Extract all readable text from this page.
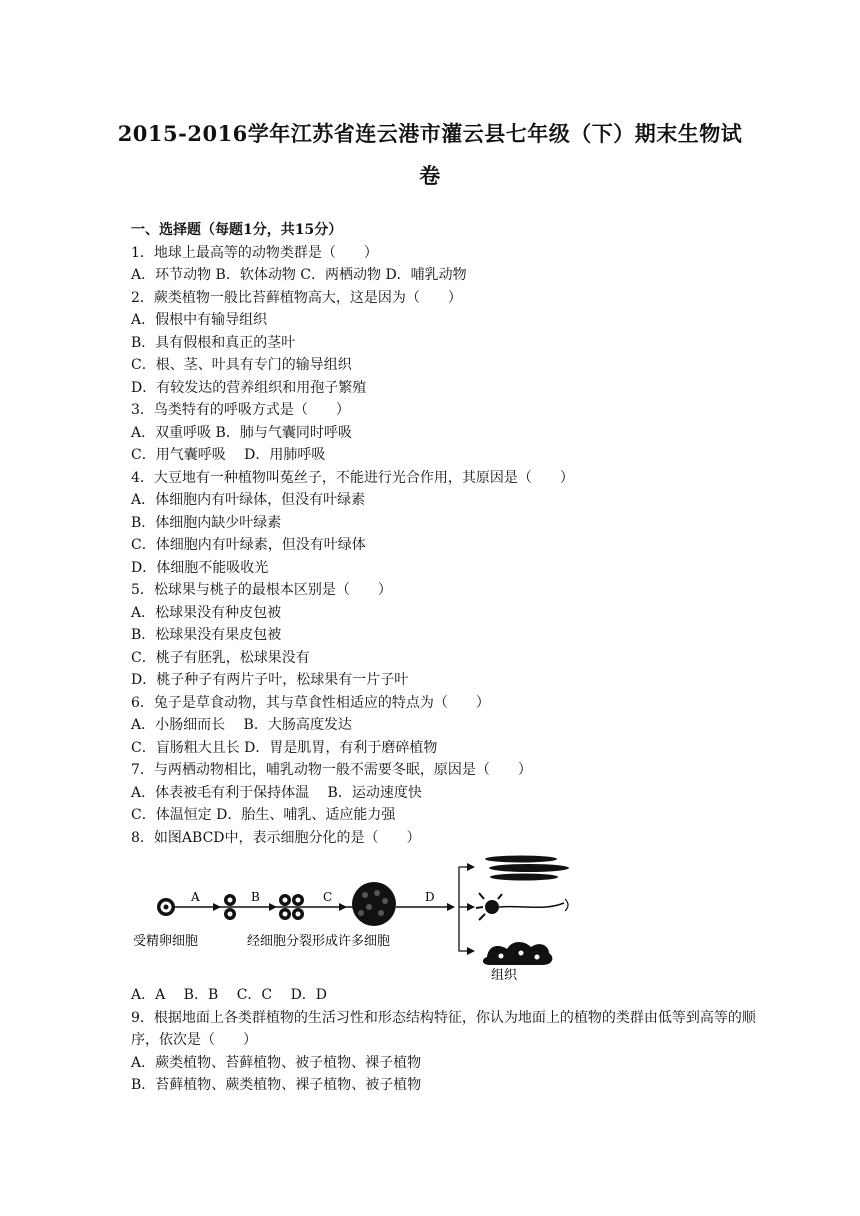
2015-2016学年江苏省连云港市灌云县七年级（下）期末生物试
卷
一、选择题（每题1分，共15分）
1．地球上最高等的动物类群是（　　）
A．环节动物 B．软体动物 C．两栖动物 D．哺乳动物
2．蕨类植物一般比苔藓植物高大，这是因为（　　）
A．假根中有输导组织
B．具有假根和真正的茎叶
C．根、茎、叶具有专门的输导组织
D．有较发达的营养组织和用孢子繁殖
3．鸟类特有的呼吸方式是（　　）
A．双重呼吸 B．肺与气囊同时呼吸
C．用气囊呼吸　 D．用肺呼吸
4．大豆地有一种植物叫菟丝子，不能进行光合作用，其原因是（　　）
A．体细胞内有叶绿体，但没有叶绿素
B．体细胞内缺少叶绿素
C．体细胞内有叶绿素，但没有叶绿体
D．体细胞不能吸收光
5．松球果与桃子的最根本区别是（　　）
A．松球果没有种皮包被
B．松球果没有果皮包被
C．桃子有胚乳，松球果没有
D．桃子种子有两片子叶，松球果有一片子叶
6．兔子是草食动物，其与草食性相适应的特点为（　　）
A．小肠细而长　 B．大肠高度发达
C．盲肠粗大且长 D．胃是肌胃，有利于磨碎植物
7．与两栖动物相比，哺乳动物一般不需要冬眠，原因是（　　）
A．体表被毛有利于保持体温　 B．运动速度快
C．体温恒定 D．胎生、哺乳、适应能力强
8．如图ABCD中，表示细胞分化的是（　　）
A	B	C	D
受精卵细胞	经细胞分裂形成许多细胞
组织
A．A　 B．B　 C．C　 D．D
9．根据地面上各类群植物的生活习性和形态结构特征，你认为地面上的植物的类群由低等到高等的顺序，依次是（　　）
A．蕨类植物、苔藓植物、被子植物、裸子植物
B．苔藓植物、蕨类植物、裸子植物、被子植物
